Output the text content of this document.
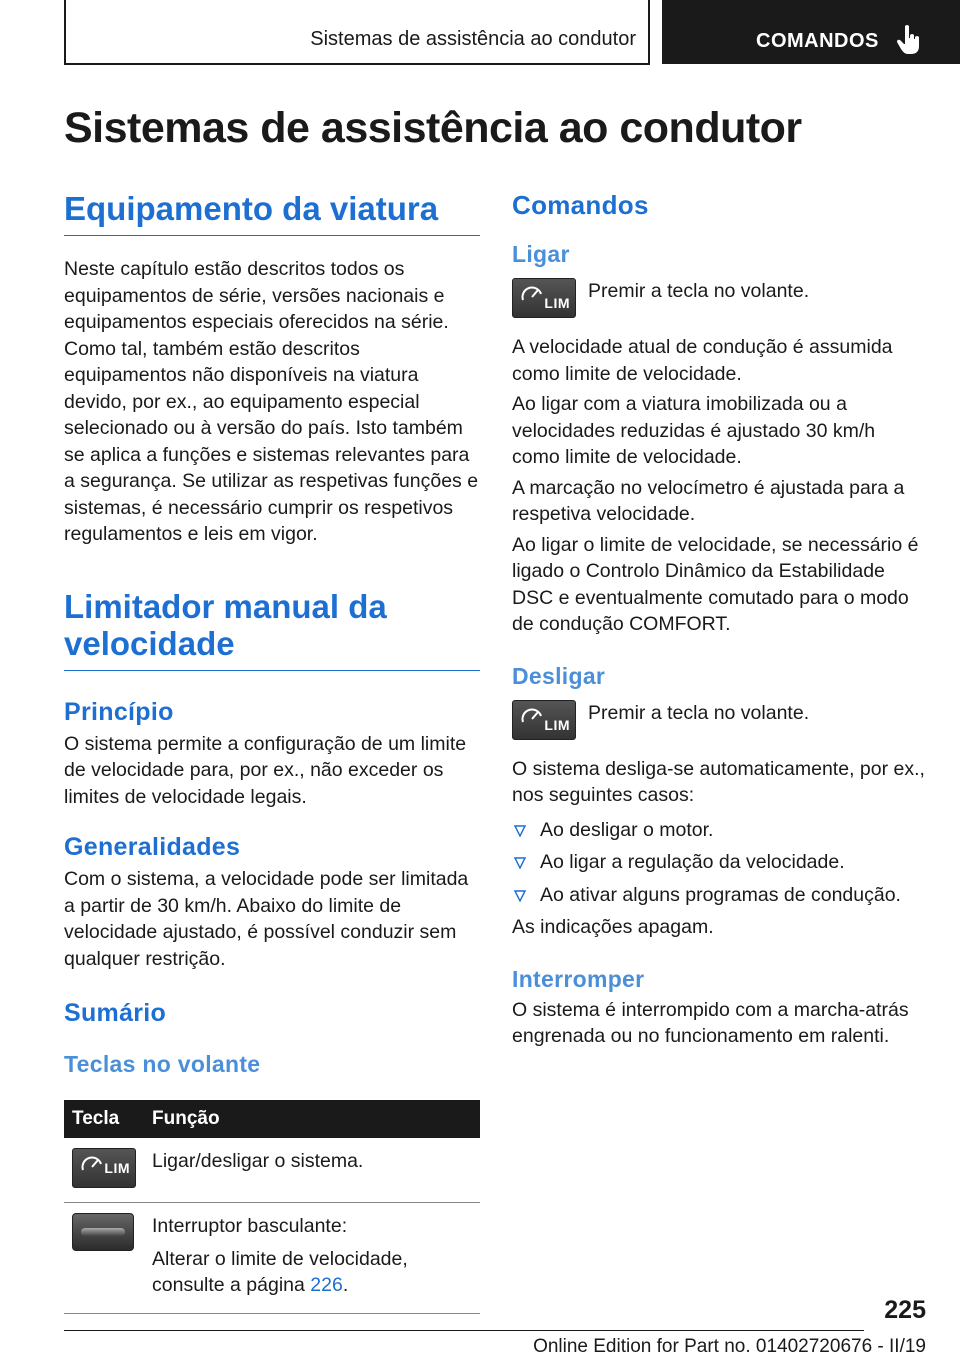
Sistemas de assistência ao condutor	COMANDOS
Sistemas de assistência ao condutor
Equipamento da viatura

Neste capítulo estão descritos todos os equipamentos de série, versões nacionais e equipamentos especiais oferecidos na série. Como tal, também estão descritos equipamentos não disponíveis na viatura devido, por ex., ao equipamento especial selecionado ou à versão do país. Isto também se aplica a funções e sistemas relevantes para a segurança. Se utilizar as respetivas funções e sistemas, é necessário cumprir os respetivos regulamentos e leis em vigor.

Limitador manual da velocidade
Princípio

O sistema permite a configuração de um limite de velocidade para, por ex., não exceder os limites de velocidade legais.

Generalidades

Com o sistema, a velocidade pode ser limitada a partir de 30 km/h. Abaixo do limite de velocidade ajustado, é possível conduzir sem qualquer restrição.

Sumário
Teclas no volante
Tecla	Função

LIM	Ligar/desligar o sistema.

	Interruptor basculante:
Alterar o limite de velocidade, consulte a página 226.
Comandos
Ligar
LIM

Premir a tecla no volante.

A velocidade atual de condução é assumida como limite de velocidade.

Ao ligar com a viatura imobilizada ou a velocidades reduzidas é ajustado 30 km/h como limite de velocidade.

A marcação no velocímetro é ajustada para a respetiva velocidade.

Ao ligar o limite de velocidade, se necessário é ligado o Controlo Dinâmico da Estabilidade DSC e eventualmente comutado para o modo de condução COMFORT.

Desligar
LIM

Premir a tecla no volante.

O sistema desliga-se automaticamente, por ex., nos seguintes casos:

Ao desligar o motor.
Ao ligar a regulação da velocidade.
Ao ativar alguns programas de condução.

As indicações apagam.

Interromper

O sistema é interrompido com a marcha-atrás engrenada ou no funcionamento em ralenti.

225
Online Edition for Part no. 01402720676 - II/19
